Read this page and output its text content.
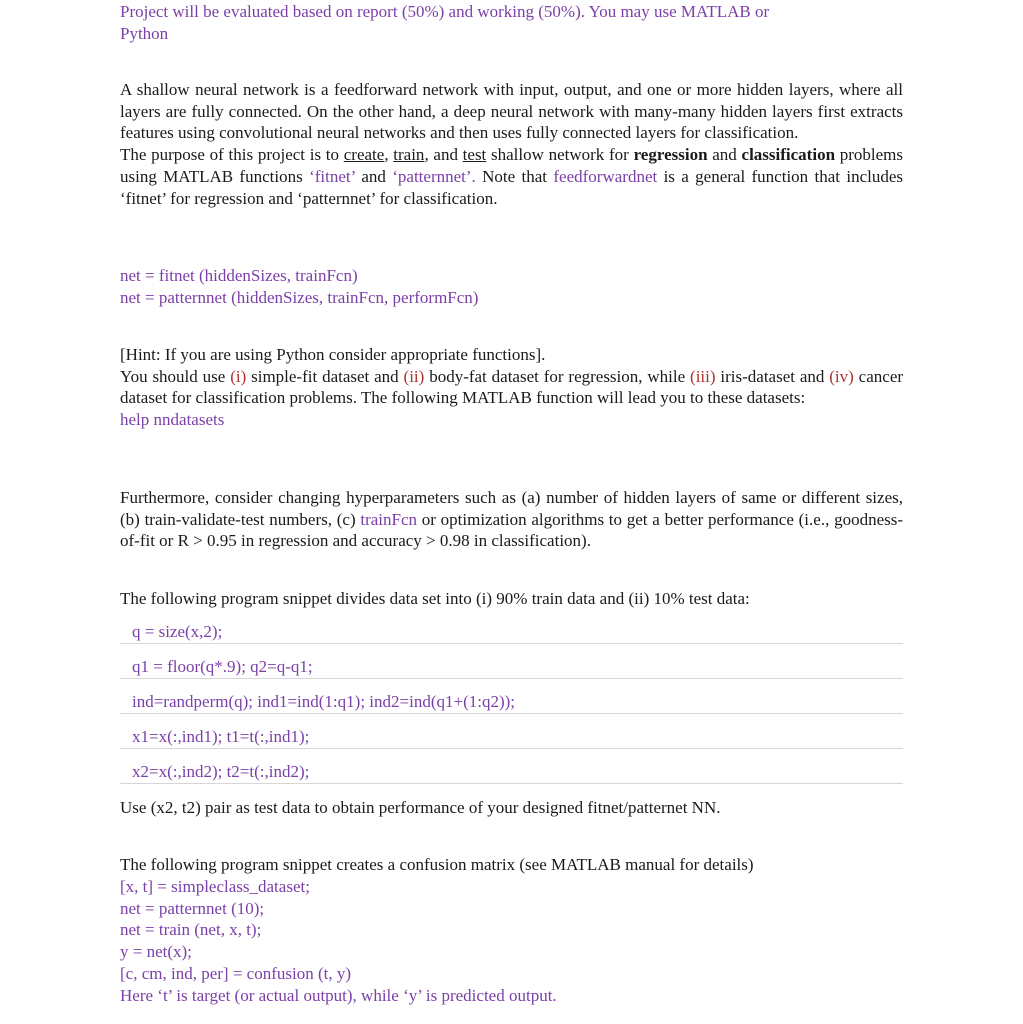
Project will be evaluated based on report (50%) and working (50%). You may use MATLAB or
Python
A shallow neural network is a feedforward network with input, output, and one or more hidden layers, where all layers are fully connected. On the other hand, a deep neural network with many-many hidden layers first extracts features using convolutional neural networks and then uses fully connected layers for classification.
The purpose of this project is to create, train, and test shallow network for regression and classification problems using MATLAB functions ‘fitnet’ and ‘patternnet’. Note that feedforwardnet is a general function that includes ‘fitnet’ for regression and ‘patternnet’ for classification.
net = fitnet (hiddenSizes, trainFcn)
net = patternnet (hiddenSizes, trainFcn, performFcn)
[Hint: If you are using Python consider appropriate functions].
You should use (i) simple-fit dataset and (ii) body-fat dataset for regression, while (iii) iris-dataset and (iv) cancer dataset for classification problems. The following MATLAB function will lead you to these datasets:
help nndatasets
Furthermore, consider changing hyperparameters such as (a) number of hidden layers of same or different sizes, (b) train-validate-test numbers, (c) trainFcn or optimization algorithms to get a better performance (i.e., goodness-of-fit or R > 0.95 in regression and accuracy > 0.98 in classification).
The following program snippet divides data set into (i) 90% train data and (ii) 10% test data:
q = size(x,2);
q1 = floor(q*.9); q2=q-q1;
ind=randperm(q); ind1=ind(1:q1); ind2=ind(q1+(1:q2));
x1=x(:,ind1); t1=t(:,ind1);
x2=x(:,ind2); t2=t(:,ind2);
Use (x2, t2) pair as test data to obtain performance of your designed fitnet/patternet NN.
The following program snippet creates a confusion matrix (see MATLAB manual for details)
[x, t] = simpleclass_dataset;
net = patternnet (10);
net = train (net, x, t);
y = net(x);
[c, cm, ind, per] = confusion (t, y)
Here ‘t’ is target (or actual output), while ‘y’ is predicted output.
